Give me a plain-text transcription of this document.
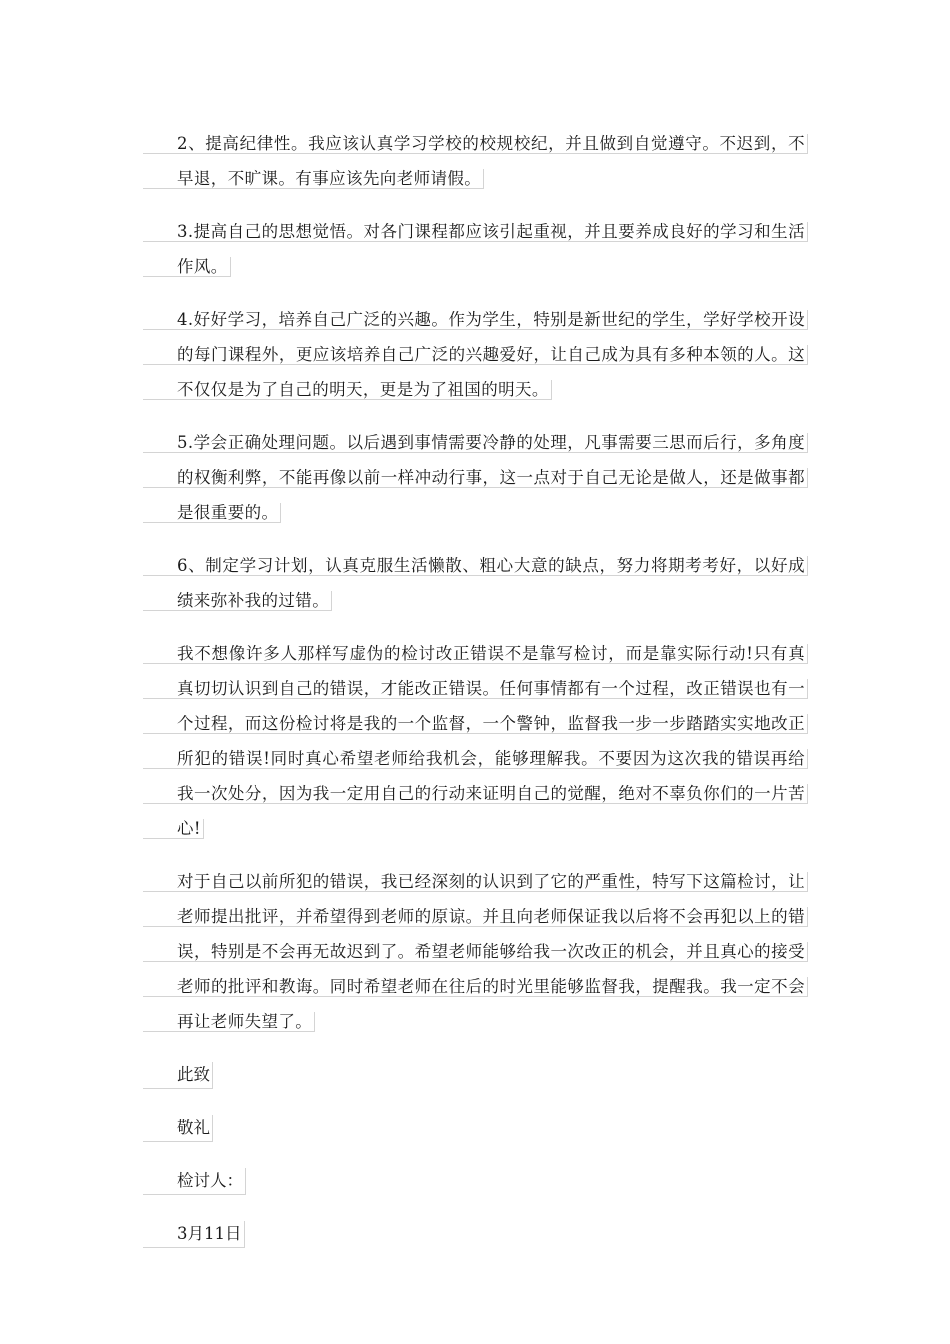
2、提高纪律性。我应该认真学习学校的校规校纪，并且做到自觉遵守。不迟到，不早退，不旷课。有事应该先向老师请假。

3.提高自己的思想觉悟。对各门课程都应该引起重视，并且要养成良好的学习和生活作风。

4.好好学习，培养自己广泛的兴趣。作为学生，特别是新世纪的学生，学好学校开设的每门课程外，更应该培养自己广泛的兴趣爱好，让自己成为具有多种本领的人。这不仅仅是为了自己的明天，更是为了祖国的明天。

5.学会正确处理问题。以后遇到事情需要冷静的处理，凡事需要三思而后行，多角度的权衡利弊，不能再像以前一样冲动行事，这一点对于自己无论是做人，还是做事都是很重要的。

6、制定学习计划，认真克服生活懒散、粗心大意的缺点，努力将期考考好，以好成绩来弥补我的过错。

我不想像许多人那样写虚伪的检讨改正错误不是靠写检讨，而是靠实际行动!只有真真切切认识到自己的错误，才能改正错误。任何事情都有一个过程，改正错误也有一个过程，而这份检讨将是我的一个监督，一个警钟，监督我一步一步踏踏实实地改正所犯的错误!同时真心希望老师给我机会，能够理解我。不要因为这次我的错误再给我一次处分，因为我一定用自己的行动来证明自己的觉醒，绝对不辜负你们的一片苦心!

对于自己以前所犯的错误，我已经深刻的认识到了它的严重性，特写下这篇检讨，让老师提出批评，并希望得到老师的原谅。并且向老师保证我以后将不会再犯以上的错误，特别是不会再无故迟到了。希望老师能够给我一次改正的机会，并且真心的接受老师的批评和教诲。同时希望老师在往后的时光里能够监督我，提醒我。我一定不会再让老师失望了。

此致

敬礼

检讨人：

3月11日
